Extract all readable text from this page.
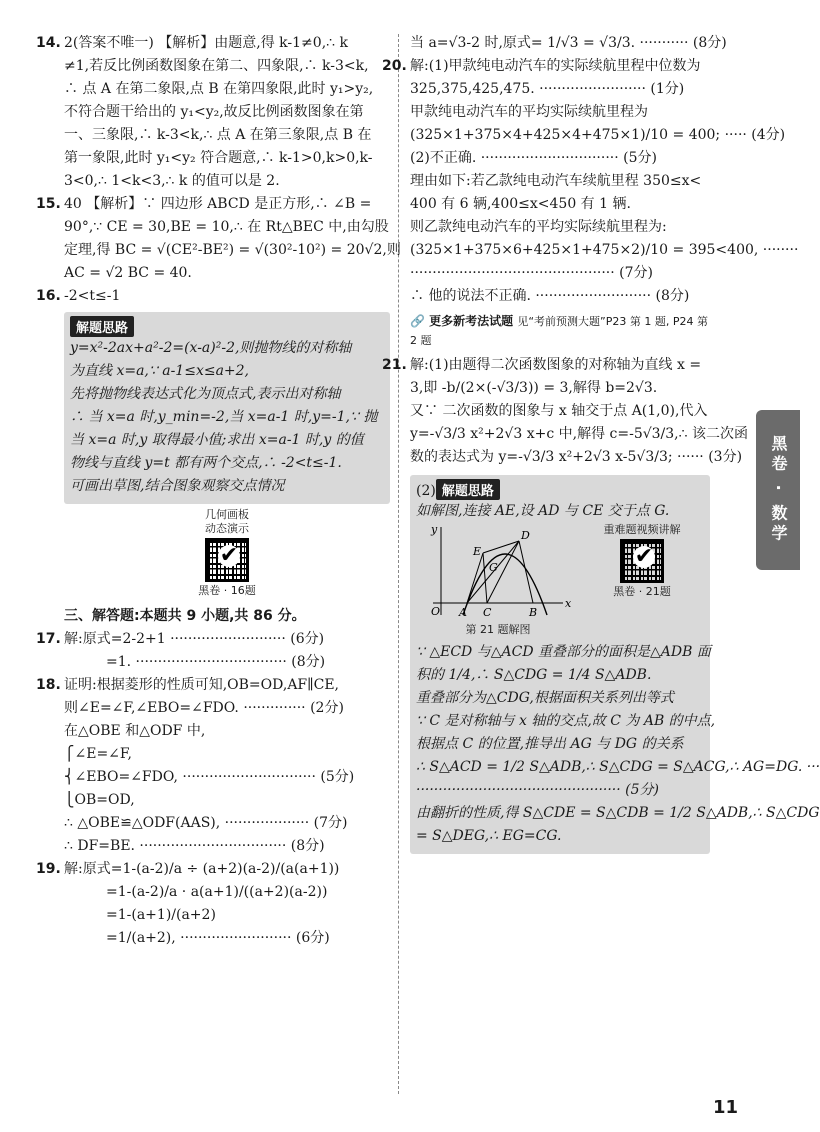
14. 2(答案不唯一) 【解析】由题意,得 k-1≠0,∴ k
≠1,若反比例函数图象在第二、四象限,∴ k-3<k,
∴ 点 A 在第二象限,点 B 在第四象限,此时 y₁>y₂,
不符合题干给出的 y₁<y₂,故反比例函数图象在第
一、三象限,∴ k-3<k,∴ 点 A 在第三象限,点 B 在
第一象限,此时 y₁<y₂ 符合题意,∴ k-1>0,k>0,k-
3<0,∴ 1<k<3,∴ k 的值可以是 2.
15. 40 【解析】∵ 四边形 ABCD 是正方形,∴ ∠B =
90°,∵ CE = 30,BE = 10,∴ 在 Rt△BEC 中,由勾股
定理,得 BC = √(CE²-BE²) = √(30²-10²) = 20√2,则
AC = √2 BC = 40.
16. -2<t≤-1
解题思路
y=x²-2ax+a²-2=(x-a)²-2,则抛物线的对称轴
为直线 x=a,∵ a-1≤x≤a+2,
先将抛物线表达式化为顶点式,表示出对称轴
∴ 当 x=a 时,y_min=-2,当 x=a-1 时,y=-1,∵ 抛
当 x=a 时,y 取得最小值;求出 x=a-1 时,y 的值
物线与直线 y=t 都有两个交点,∴ -2<t≤-1.
可画出草图,结合图象观察交点情况
几何画板
动态演示
✔
黑卷 · 16题
三、解答题:本题共 9 小题,共 86 分。
17. 解:原式=2-2+1 ·························· (6分)
　　　=1. ·································· (8分)
18. 证明:根据菱形的性质可知,OB=OD,AF∥CE,
则∠E=∠F,∠EBO=∠FDO. ·············· (2分)
在△OBE 和△ODF 中,
⎧∠E=∠F,
⎨∠EBO=∠FDO, ······························ (5分)
⎩OB=OD,
∴ △OBE≌△ODF(AAS), ··················· (7分)
∴ DF=BE. ································· (8分)
19. 解:原式=1-(a-2)/a ÷ (a+2)(a-2)/(a(a+1))
　　　=1-(a-2)/a · a(a+1)/((a+2)(a-2))
　　　=1-(a+1)/(a+2)
　　　=1/(a+2), ························· (6分)
当 a=√3-2 时,原式= 1/√3 = √3/3. ··········· (8分)
20. 解:(1)甲款纯电动汽车的实际续航里程中位数为
325,375,425,475. ························ (1分)
甲款纯电动汽车的平均实际续航里程为
(325×1+375×4+425×4+475×1)/10 = 400; ····· (4分)
(2)不正确. ······························· (5分)
理由如下:若乙款纯电动汽车续航里程 350≤x<
400 有 6 辆,400≤x<450 有 1 辆.
则乙款纯电动汽车的平均实际续航里程为:
(325×1+375×6+425×1+475×2)/10 = 395<400, ········
·············································· (7分)
∴ 他的说法不正确. ·························· (8分)
🔗 更多新考法试题 见“考前预测大题”P23 第 1 题, P24 第 2 题
21. 解:(1)由题得二次函数图象的对称轴为直线 x =
3,即 -b/(2×(-√3/3)) = 3,解得 b=2√3.
又∵ 二次函数的图象与 x 轴交于点 A(1,0),代入
y=-√3/3 x²+2√3 x+c 中,解得 c=-5√3/3,∴ 该二次函
数的表达式为 y=-√3/3 x²+2√3 x-5√3/3; ······ (3分)
(2) 解题思路
如解图,连接 AE,设 AD 与 CE 交于点 G.
y
x
O A C	B
D
E
G
第 21 题解图
重难题视频讲解
✔
黑卷 · 21题
∵ △ECD 与△ACD 重叠部分的面积是△ADB 面
积的 1/4,∴ S△CDG = 1/4 S△ADB.
重叠部分为△CDG,根据面积关系列出等式
∵ C 是对称轴与 x 轴的交点,故 C 为 AB 的中点,
根据点 C 的位置,推导出 AG 与 DG 的关系
∴ S△ACD = 1/2 S△ADB,∴ S△CDG = S△ACG,∴ AG=DG. ···
·············································· (5分)
由翻折的性质,得 S△CDE = S△CDB = 1/2 S△ADB,∴ S△CDG
= S△DEG,∴ EG=CG.
黑卷 · 数学
11
